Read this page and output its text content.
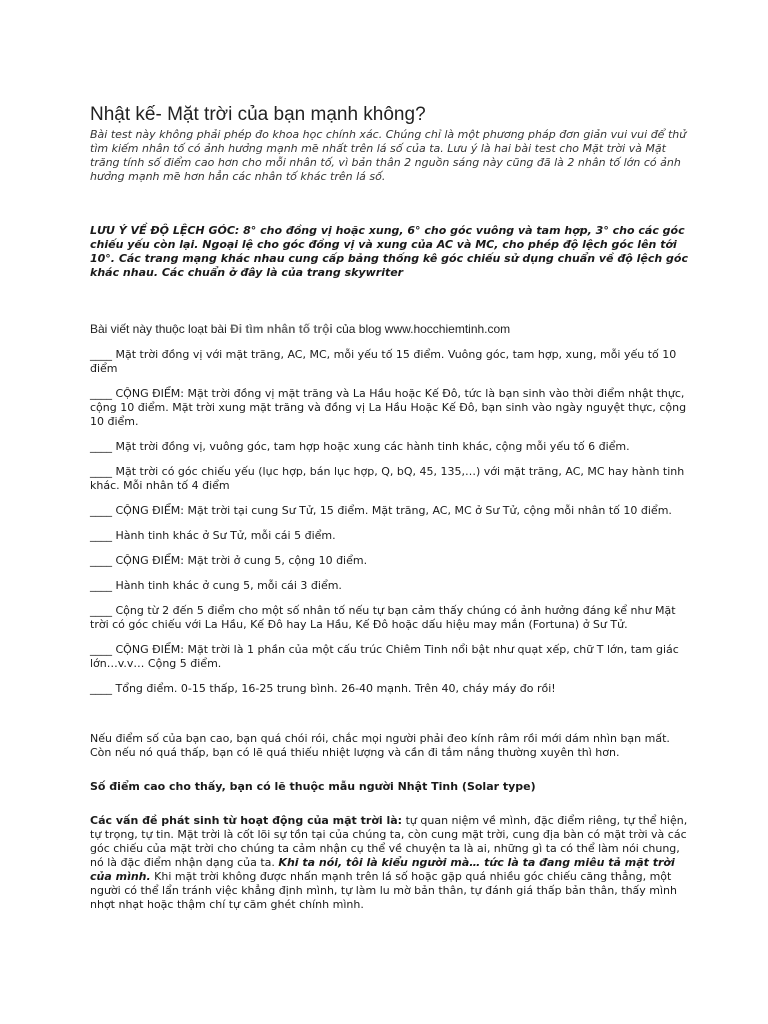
Nhật kế- Mặt trời của bạn mạnh không?

Bài test này không phải phép đo khoa học chính xác. Chúng chỉ là một phương pháp đơn giản vui vui để thử tìm kiếm nhân tố có ảnh hưởng mạnh mẽ nhất trên lá số của ta. Lưu ý là hai bài test cho Mặt trời và Mặt trăng tính số điểm cao hơn cho mỗi nhân tố, vì bản thân 2 nguồn sáng này cũng đã là 2 nhân tố lớn có ảnh hưởng mạnh mẽ hơn hẳn các nhân tố khác trên lá số.

LƯU Ý VỀ ĐỘ LỆCH GÓC: 8° cho đồng vị hoặc xung, 6° cho góc vuông và tam hợp, 3° cho các góc chiếu yếu còn lại. Ngoại lệ cho góc đồng vị và xung của AC và MC, cho phép độ lệch góc lên tới 10°. Các trang mạng khác nhau cung cấp bảng thống kê góc chiếu sử dụng chuẩn về độ lệch góc khác nhau. Các chuẩn ở đây là của trang skywriter

Bài viết này thuộc loạt bài Đi tìm nhân tố trội của blog www.hocchiemtinh.com

____ Mặt trời đồng vị với mặt trăng, AC, MC, mỗi yếu tố 15 điểm. Vuông góc, tam hợp, xung, mỗi yếu tố 10 điểm

____ CỘNG ĐIỂM: Mặt trời đồng vị mặt trăng và La Hầu hoặc Kế Đô, tức là bạn sinh vào thời điểm nhật thực, cộng 10 điểm. Mặt trời xung mặt trăng và đồng vị La Hầu Hoặc Kế Đô, bạn sinh vào ngày nguyệt thực, cộng 10 điểm.

____ Mặt trời đồng vị, vuông góc, tam hợp hoặc xung các hành tinh khác, cộng mỗi yếu tố 6 điểm.

____ Mặt trời có góc chiếu yếu (lục hợp, bán lục hợp, Q, bQ, 45, 135,…) với mặt trăng, AC, MC hay hành tinh khác. Mỗi nhân tố 4 điểm

____ CỘNG ĐIỂM: Mặt trời tại cung Sư Tử, 15 điểm. Mặt trăng, AC, MC ở Sư Tử, cộng mỗi nhân tố 10 điểm.

____ Hành tinh khác ở Sư Tử, mỗi cái 5 điểm.

____ CỘNG ĐIỂM: Mặt trời ở cung 5, cộng 10 điểm.

____ Hành tinh khác ở cung 5, mỗi cái 3 điểm.

____ Cộng từ 2 đến 5 điểm cho một số nhân tố nếu tự bạn cảm thấy chúng có ảnh hưởng đáng kể như Mặt trời có góc chiếu với La Hầu, Kế Đô hay La Hầu, Kế Đô hoặc dấu hiệu may mắn (Fortuna) ở Sư Tử.

____ CỘNG ĐIỂM: Mặt trời là 1 phần của một cấu trúc Chiêm Tinh nổi bật như quạt xếp, chữ T lớn, tam giác lớn…v.v… Cộng 5 điểm.

____ Tổng điểm. 0-15 thấp, 16-25 trung bình. 26-40 mạnh. Trên 40, cháy máy đo rồi!

Nếu điểm số của bạn cao, bạn quá chói rói, chắc mọi người phải đeo kính râm rồi mới dám nhìn bạn mất. Còn nếu nó quá thấp, bạn có lẽ quá thiếu nhiệt lượng và cần đi tắm nắng thường xuyên thì hơn.

Số điểm cao cho thấy, bạn có lẽ thuộc mẫu người Nhật Tinh (Solar type)

Các vấn đề phát sinh từ hoạt động của mặt trời là: tự quan niệm về mình, đặc điểm riêng, tự thể hiện, tự trọng, tự tin. Mặt trời là cốt lõi sự tồn tại của chúng ta, còn cung mặt trời, cung địa bàn có mặt trời và các góc chiếu của mặt trời cho chúng ta cảm nhận cụ thể về chuyện ta là ai, những gì ta có thể làm nói chung, nó là đặc điểm nhận dạng của ta. Khi ta nói, tôi là kiểu người mà… tức là ta đang miêu tả mặt trời của mình. Khi mặt trời không được nhấn mạnh trên lá số hoặc gặp quá nhiều góc chiếu căng thẳng, một người có thể lẩn tránh việc khẳng định mình, tự làm lu mờ bản thân, tự đánh giá thấp bản thân, thấy mình nhợt nhạt hoặc thậm chí tự căm ghét chính mình.
